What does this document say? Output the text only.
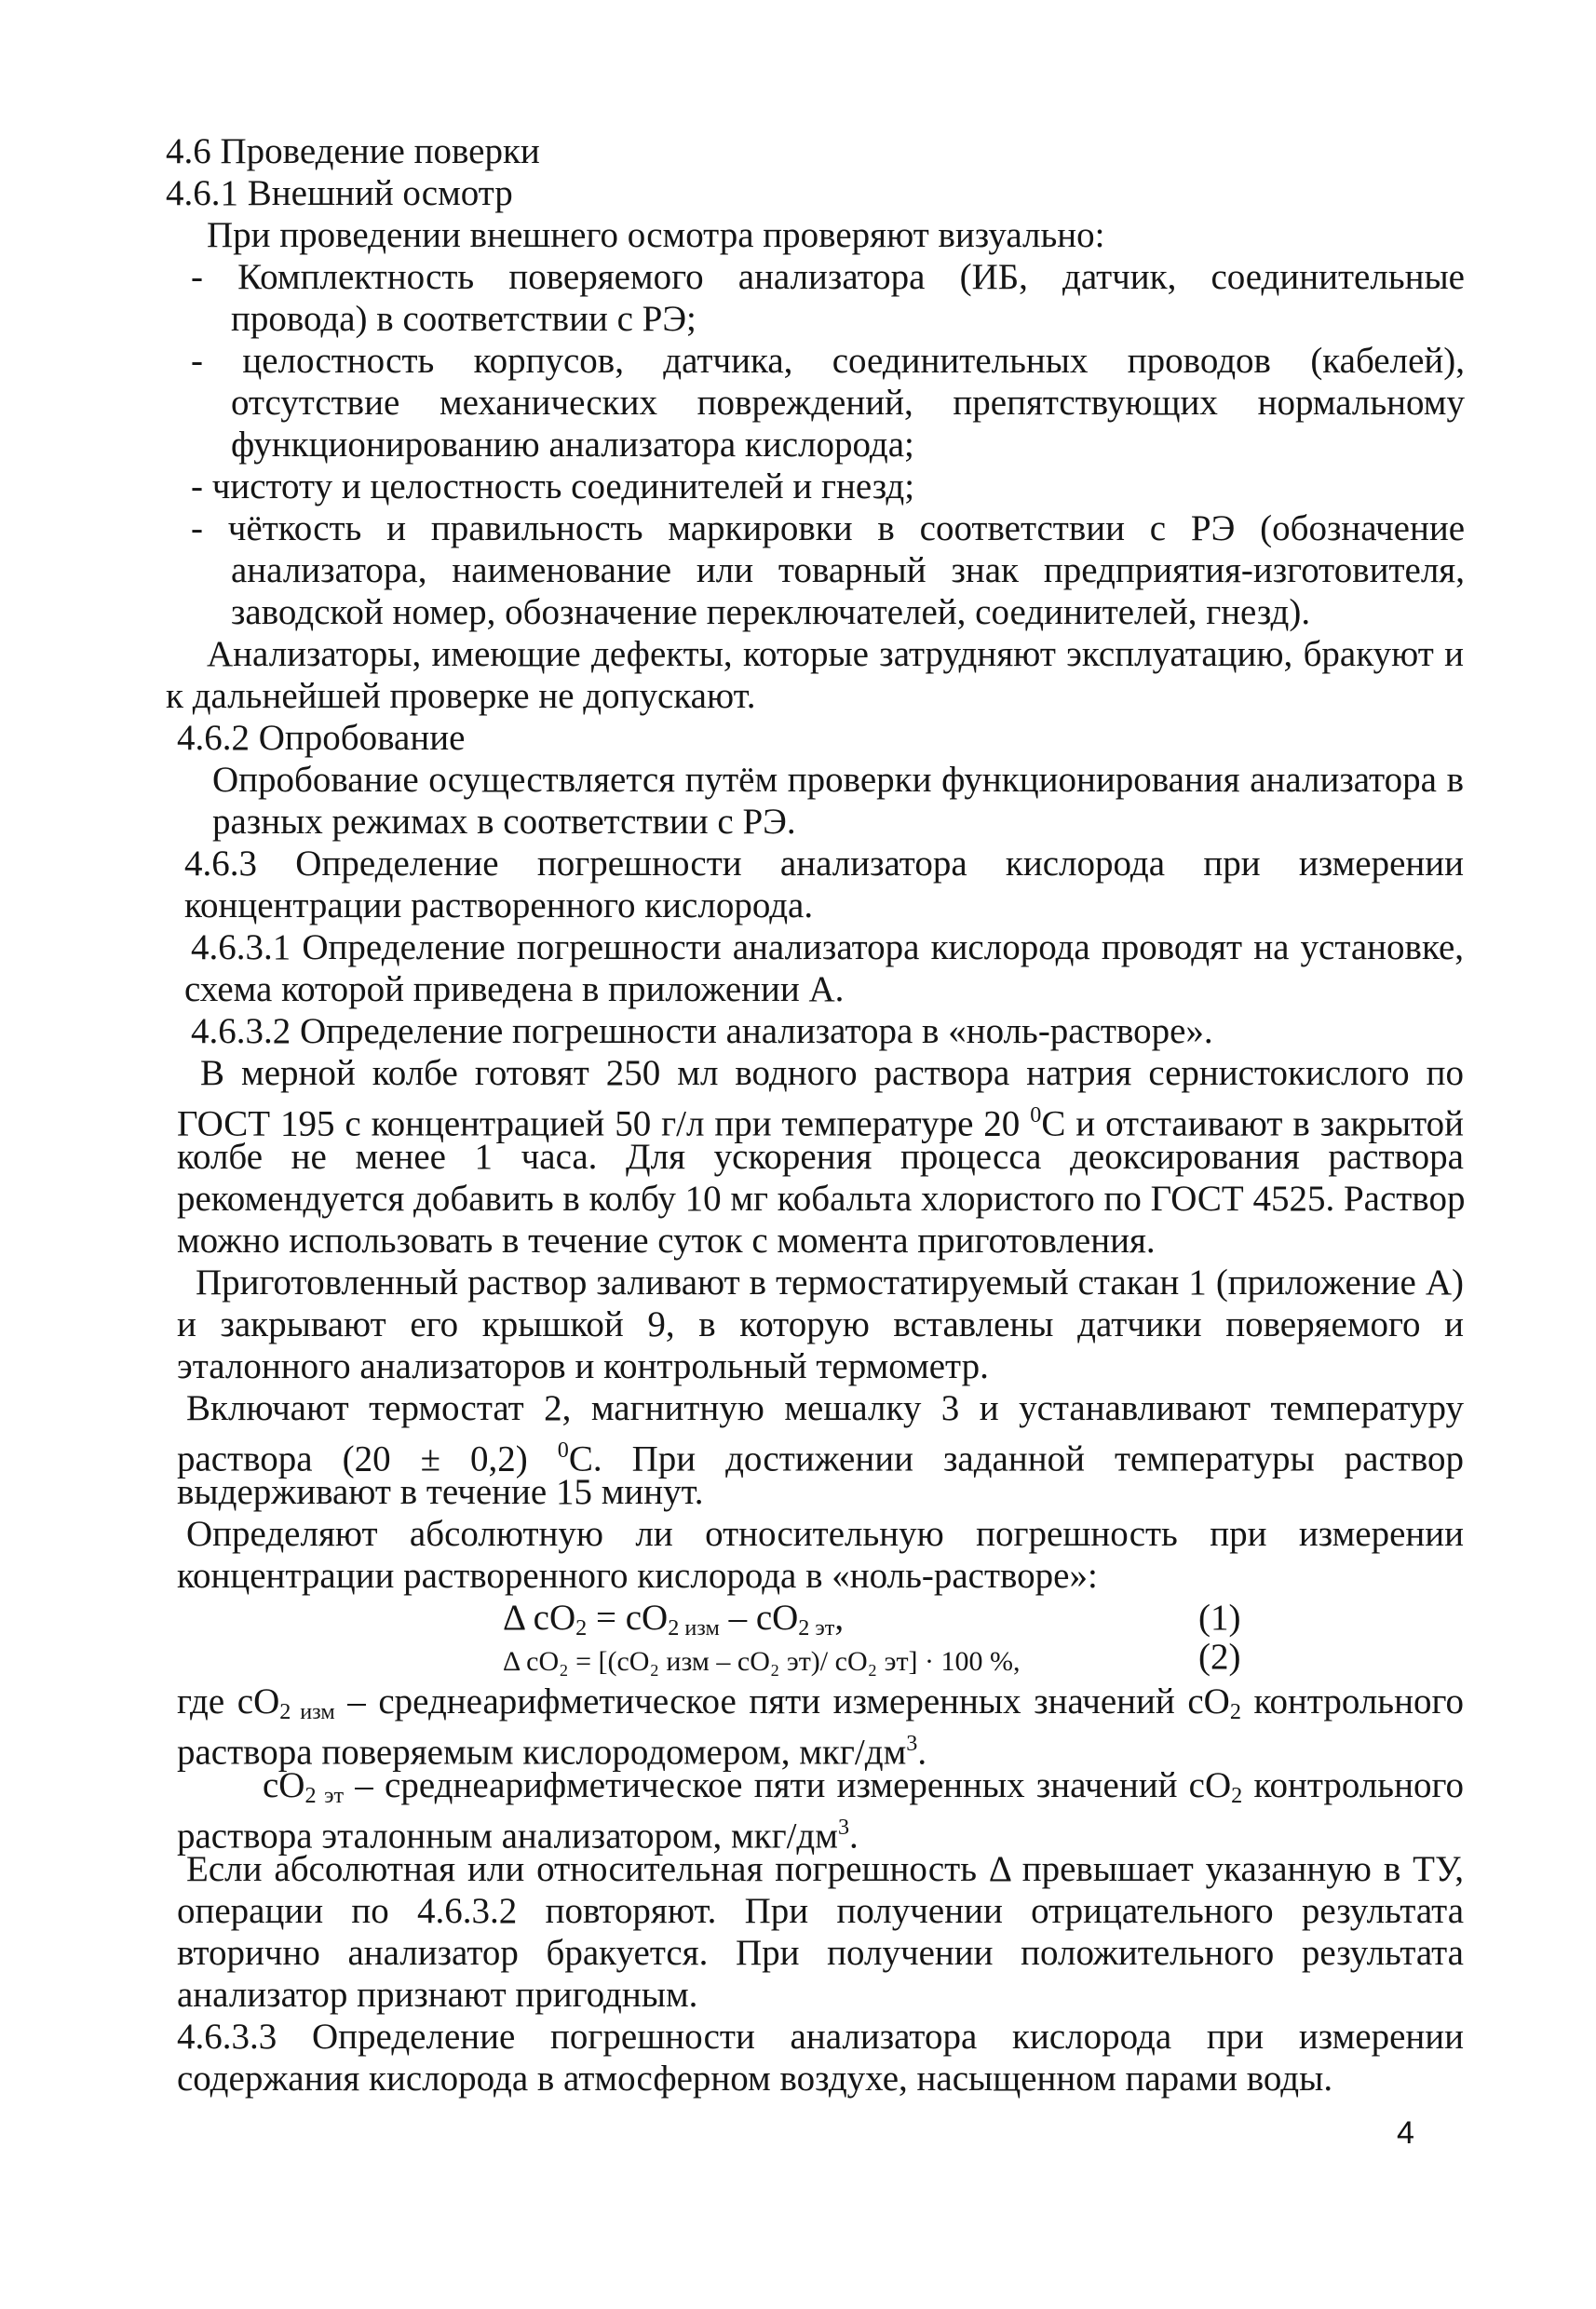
4.6 Проведение поверки
4.6.1 Внешний осмотр
При проведении внешнего осмотра проверяют визуально:
- Комплектность поверяемого анализатора (ИБ, датчик, соединительные
провода) в соответствии с РЭ;
- целостность корпусов, датчика, соединительных проводов (кабелей),
отсутствие механических повреждений, препятствующих нормальному
функционированию анализатора кислорода;
- чистоту и целостность соединителей и гнезд;
- чёткость и правильность маркировки в соответствии с РЭ (обозначение
анализатора, наименование или товарный знак предприятия-изготовителя,
заводской номер, обозначение переключателей, соединителей, гнезд).
Анализаторы, имеющие дефекты, которые затрудняют эксплуатацию, бракуют и
к дальнейшей проверке не допускают.
4.6.2 Опробование
Опробование осуществляется путём проверки функционирования анализатора в
разных режимах в соответствии с РЭ.
4.6.3 Определение погрешности анализатора кислорода при измерении
концентрации растворенного кислорода.
4.6.3.1 Определение погрешности анализатора кислорода проводят на установке,
схема которой приведена в приложении А.
4.6.3.2 Определение погрешности анализатора в «ноль-растворе».
В мерной колбе готовят 250 мл водного раствора натрия сернистокислого по
ГОСТ 195 с концентрацией 50 г/л при температуре 20 $^0$С и отстаивают в закрытой
колбе не менее 1 часа. Для ускорения процесса деоксирования раствора
рекомендуется добавить в колбу 10 мг кобальта хлористого по ГОСТ 4525. Раствор
можно использовать в течение суток с момента приготовления.
Приготовленный раствор заливают в термостатируемый стакан 1 (приложение А)
и закрывают его крышкой 9, в которую вставлены датчики поверяемого и
эталонного анализаторов и контрольный термометр.
Включают термостат 2, магнитную мешалку 3 и устанавливают температуру
раствора (20 ± 0,2) $^0$С. При достижении заданной температуры раствор
выдерживают в течение 15 минут.
Определяют абсолютную ли относительную погрешность при измерении
концентрации растворенного кислорода в «ноль-растворе»:
Δ $cO_2 = cO_{2 изм} - cO_{2 эт}$,	(1)
Δ cO₂ = [(cO₂ изм – cO₂ эт)/ cO₂ эт] · 100 %,	(2)
где $cO_{2 изм}$ – среднеарифметическое пяти измеренных значений $cO_2$ контрольного
раствора поверяемым кислородомером, мкг/$дм^3$.
$cO_{2 эт}$ – среднеарифметическое пяти измеренных значений $cO_2$ контрольного
раствора эталонным анализатором, мкг/$дм^3$.
Если абсолютная или относительная погрешность Δ превышает указанную в ТУ,
операции по 4.6.3.2 повторяют. При получении отрицательного результата
вторично анализатор бракуется. При получении положительного результата
анализатор признают пригодным.
4.6.3.3 Определение погрешности анализатора кислорода при измерении
содержания кислорода в атмосферном воздухе, насыщенном парами воды.
4
